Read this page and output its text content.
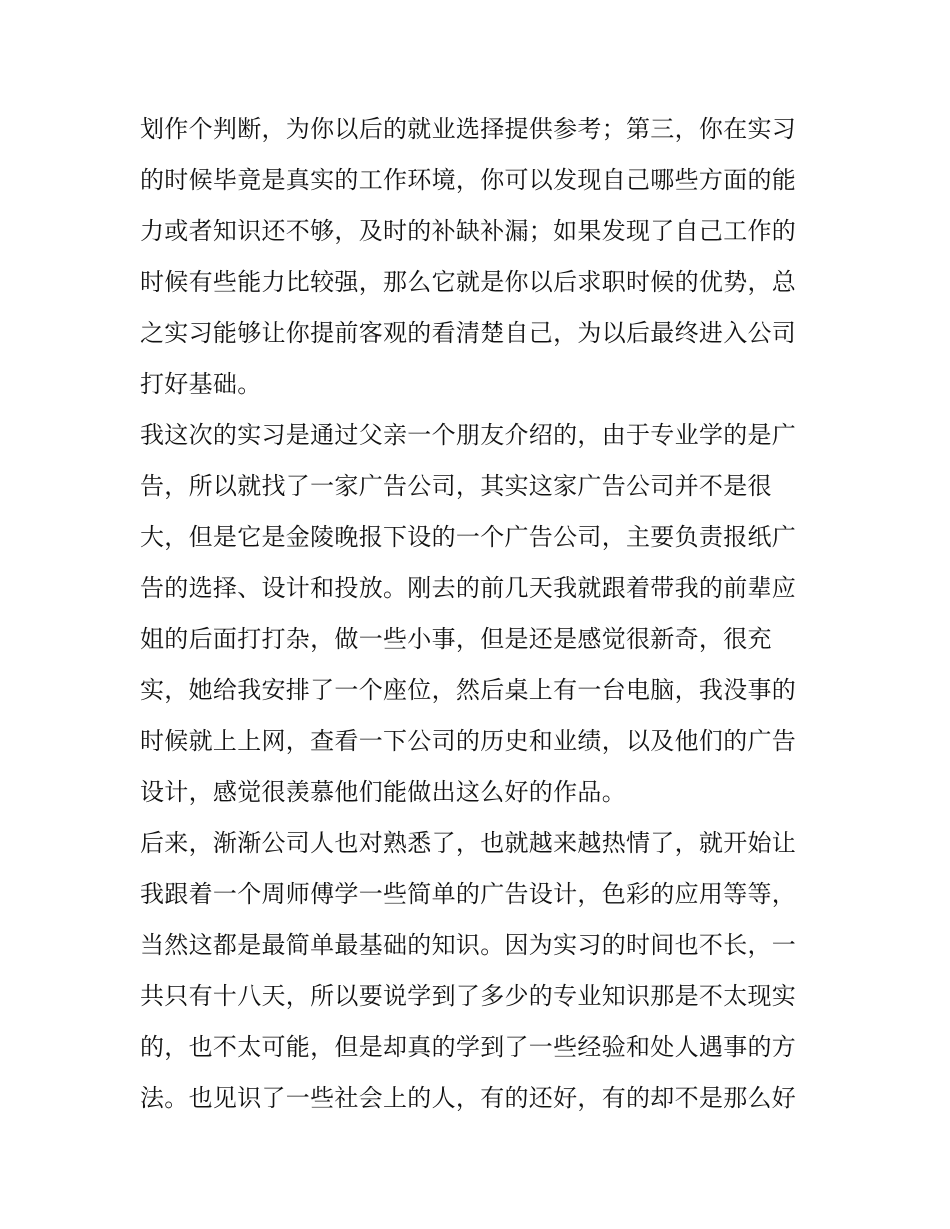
划作个判断，为你以后的就业选择提供参考；第三，你在实习
的时候毕竟是真实的工作环境，你可以发现自己哪些方面的能
力或者知识还不够，及时的补缺补漏；如果发现了自己工作的
时候有些能力比较强，那么它就是你以后求职时候的优势，总
之实习能够让你提前客观的看清楚自己，为以后最终进入公司
打好基础。
我这次的实习是通过父亲一个朋友介绍的，由于专业学的是广
告，所以就找了一家广告公司，其实这家广告公司并不是很
大，但是它是金陵晚报下设的一个广告公司，主要负责报纸广
告的选择、设计和投放。刚去的前几天我就跟着带我的前辈应
姐的后面打打杂，做一些小事，但是还是感觉很新奇，很充
实，她给我安排了一个座位，然后桌上有一台电脑，我没事的
时候就上上网，查看一下公司的历史和业绩，以及他们的广告
设计，感觉很羡慕他们能做出这么好的作品。
后来，渐渐公司人也对熟悉了，也就越来越热情了，就开始让
我跟着一个周师傅学一些简单的广告设计，色彩的应用等等，
当然这都是最简单最基础的知识。因为实习的时间也不长，一
共只有十八天，所以要说学到了多少的专业知识那是不太现实
的，也不太可能，但是却真的学到了一些经验和处人遇事的方
法。也见识了一些社会上的人，有的还好，有的却不是那么好
